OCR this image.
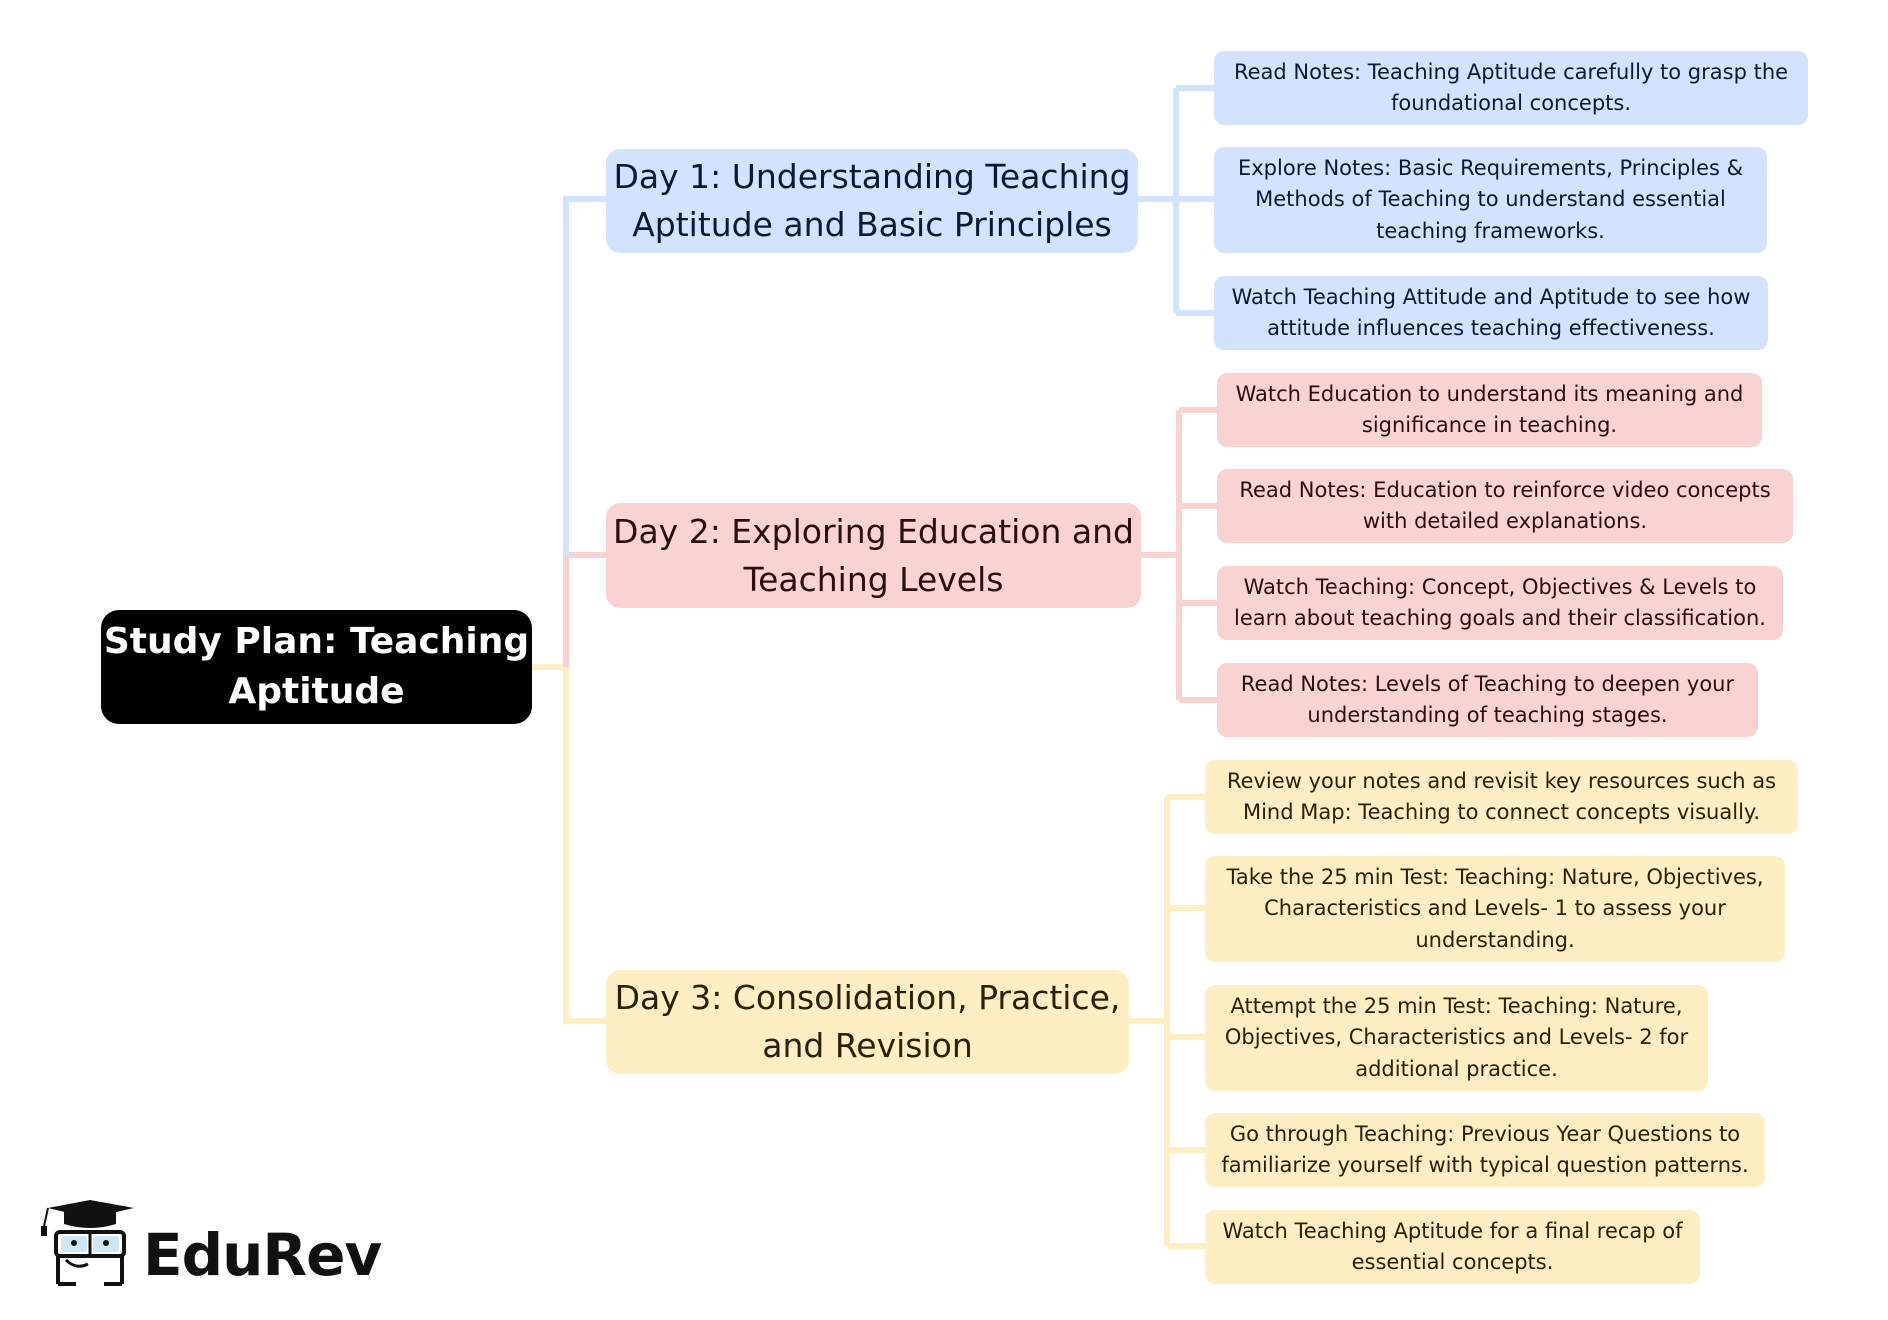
Study Plan: Teaching
Aptitude
Day 1: Understanding Teaching
Aptitude and Basic Principles
Read Notes: Teaching Aptitude carefully to grasp the
foundational concepts.
Explore Notes: Basic Requirements, Principles &
Methods of Teaching to understand essential
teaching frameworks.
Watch Teaching Attitude and Aptitude to see how
attitude influences teaching effectiveness.
Day 2: Exploring Education and
Teaching Levels
Watch Education to understand its meaning and
significance in teaching.
Read Notes: Education to reinforce video concepts
with detailed explanations.
Watch Teaching: Concept, Objectives & Levels to
learn about teaching goals and their classification.
Read Notes: Levels of Teaching to deepen your
understanding of teaching stages.
Day 3: Consolidation, Practice,
and Revision
Review your notes and revisit key resources such as
Mind Map: Teaching to connect concepts visually.
Take the 25 min Test: Teaching: Nature, Objectives,
Characteristics and Levels- 1 to assess your
understanding.
Attempt the 25 min Test: Teaching: Nature,
Objectives, Characteristics and Levels- 2 for
additional practice.
Go through Teaching: Previous Year Questions to
familiarize yourself with typical question patterns.
Watch Teaching Aptitude for a final recap of
essential concepts.
EduRev
